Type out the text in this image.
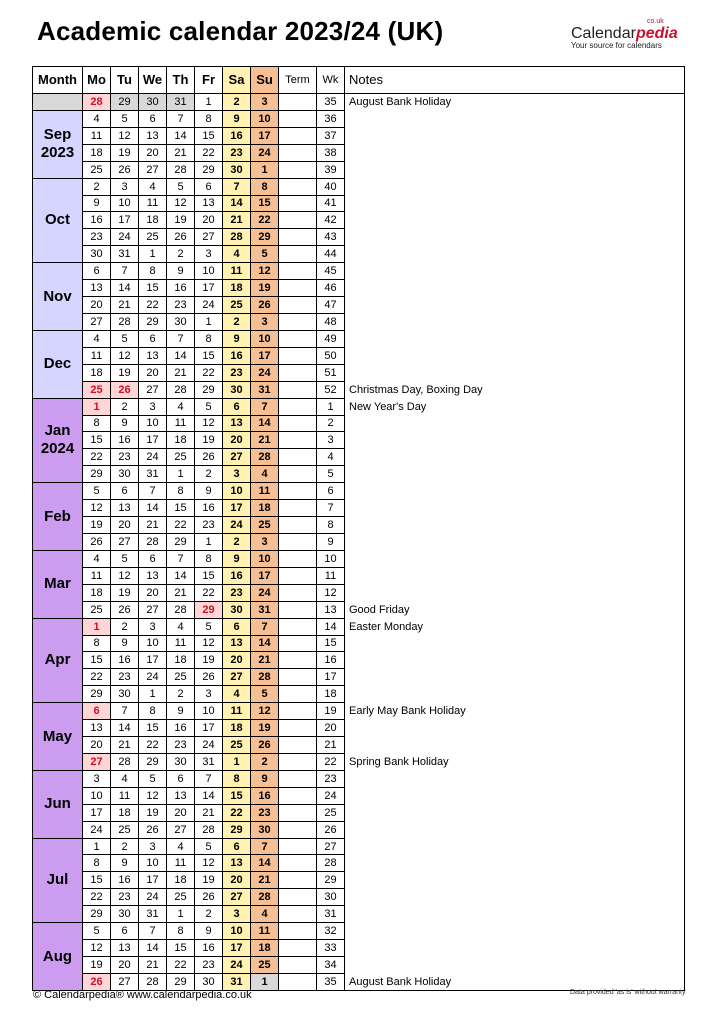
Academic calendar 2023/24 (UK)	Calendarpedia
co.uk
Your source for calendars
Month	Mo	Tu	We	Th	Fr	Sa	Su	Term	Wk	Notes
	28	29	30	31	1	2	3		35	August Bank Holiday
Sep 2023	4	5	6	7	8	9	10		36	
	11	12	13	14	15	16	17		37	
	18	19	20	21	22	23	24		38	
	25	26	27	28	29	30	1		39	
Oct	2	3	4	5	6	7	8		40	
	9	10	11	12	13	14	15		41	
	16	17	18	19	20	21	22		42	
	23	24	25	26	27	28	29		43	
	30	31	1	2	3	4	5		44	
Nov	6	7	8	9	10	11	12		45	
	13	14	15	16	17	18	19		46	
	20	21	22	23	24	25	26		47	
	27	28	29	30	1	2	3		48	
Dec	4	5	6	7	8	9	10		49	
	11	12	13	14	15	16	17		50	
	18	19	20	21	22	23	24		51	
	25	26	27	28	29	30	31		52	Christmas Day, Boxing Day
Jan 2024	1	2	3	4	5	6	7		1	New Year's Day
	8	9	10	11	12	13	14		2	
	15	16	17	18	19	20	21		3	
	22	23	24	25	26	27	28		4	
	29	30	31	1	2	3	4		5	
Feb	5	6	7	8	9	10	11		6	
	12	13	14	15	16	17	18		7	
	19	20	21	22	23	24	25		8	
	26	27	28	29	1	2	3		9	
Mar	4	5	6	7	8	9	10		10	
	11	12	13	14	15	16	17		11	
	18	19	20	21	22	23	24		12	
	25	26	27	28	29	30	31		13	Good Friday
Apr	1	2	3	4	5	6	7		14	Easter Monday
	8	9	10	11	12	13	14		15	
	15	16	17	18	19	20	21		16	
	22	23	24	25	26	27	28		17	
	29	30	1	2	3	4	5		18	
May	6	7	8	9	10	11	12		19	Early May Bank Holiday
	13	14	15	16	17	18	19		20	
	20	21	22	23	24	25	26		21	
	27	28	29	30	31	1	2		22	Spring Bank Holiday
Jun	3	4	5	6	7	8	9		23	
	10	11	12	13	14	15	16		24	
	17	18	19	20	21	22	23		25	
	24	25	26	27	28	29	30		26	
Jul	1	2	3	4	5	6	7		27	
	8	9	10	11	12	13	14		28	
	15	16	17	18	19	20	21		29	
	22	23	24	25	26	27	28		30	
	29	30	31	1	2	3	4		31	
Aug	5	6	7	8	9	10	11		32	
	12	13	14	15	16	17	18		33	
	19	20	21	22	23	24	25		34	
	26	27	28	29	30	31	1		35	August Bank Holiday
© Calendarpedia® www.calendarpedia.co.uk	Data provided 'as is' without warranty
